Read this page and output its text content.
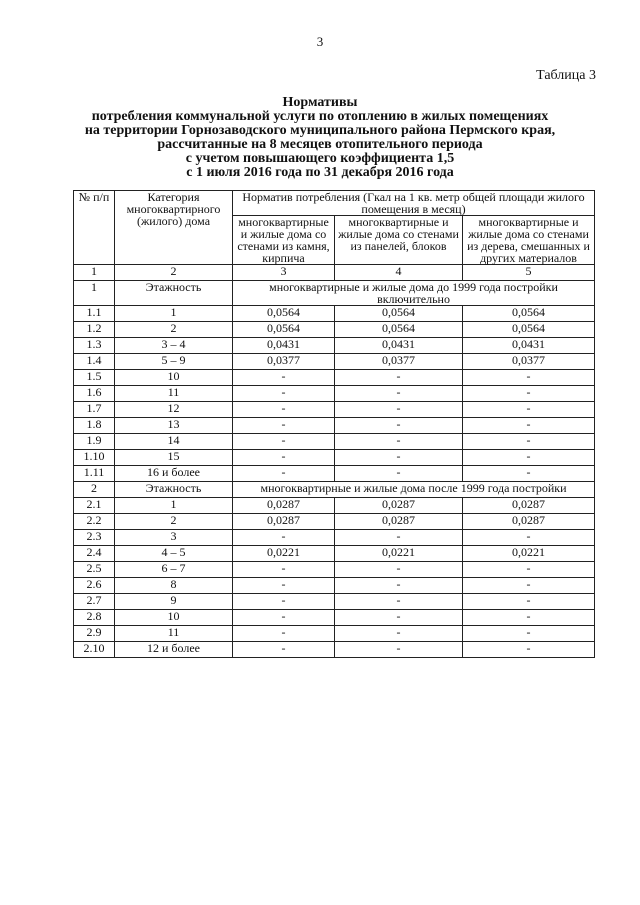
3
Таблица 3
Нормативы
потребления коммунальной услуги по отоплению в жилых помещениях
на территории Горнозаводского муниципального района Пермского края,
рассчитанные на 8 месяцев отопительного периода
с учетом повышающего коэффициента 1,5
с 1 июля 2016 года по 31 декабря 2016 года
№ п/п	Категория многоквартирного (жилого) дома	Норматив потребления (Гкал на 1 кв. метр общей площади жилого помещения в месяц)		
		многоквартирные и жилые дома со стенами из камня, кирпича	многоквартирные и жилые дома со стенами из панелей, блоков	многоквартирные и жилые дома со стенами из дерева, смешанных и других материалов
1	2	3	4	5
1	Этажность	многоквартирные и жилые дома до 1999 года постройки включительно		
1.1	1	0,0564	0,0564	0,0564
1.2	2	0,0564	0,0564	0,0564
1.3	3 – 4	0,0431	0,0431	0,0431
1.4	5 – 9	0,0377	0,0377	0,0377
1.5	10	-	-	-
1.6	11	-	-	-
1.7	12	-	-	-
1.8	13	-	-	-
1.9	14	-	-	-
1.10	15	-	-	-
1.11	16 и более	-	-	-
2	Этажность	многоквартирные и жилые дома после 1999 года постройки		
2.1	1	0,0287	0,0287	0,0287
2.2	2	0,0287	0,0287	0,0287
2.3	3	-	-	-
2.4	4 – 5	0,0221	0,0221	0,0221
2.5	6 – 7	-	-	-
2.6	8	-	-	-
2.7	9	-	-	-
2.8	10	-	-	-
2.9	11	-	-	-
2.10	12 и более	-	-	-
